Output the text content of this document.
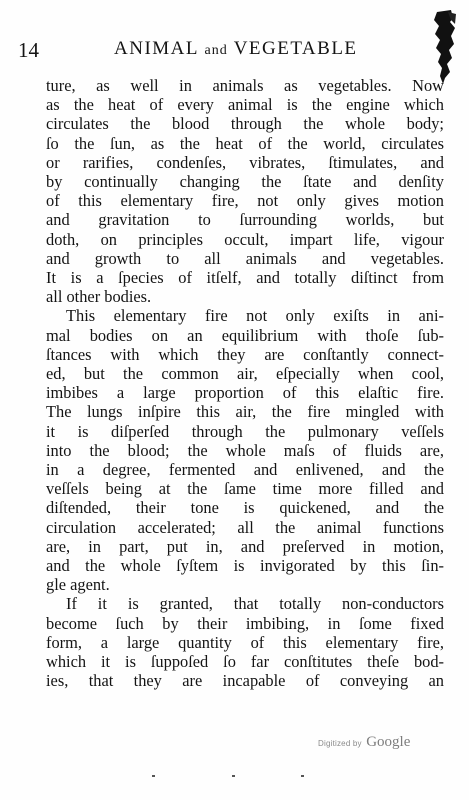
14	ANIMAL and VEGETABLE
ture, as well in animals as vegetables. Now
as the heat of every animal is the engine which
circulates the blood through the whole body;
ſo the ſun, as the heat of the world, circulates
or rarifies, condenſes, vibrates, ſtimulates, and
by continually changing the ſtate and denſity
of this elementary fire, not only gives motion
and gravitation to ſurrounding worlds, but
doth, on principles occult, impart life, vigour
and growth to all animals and vegetables.
It is a ſpecies of itſelf, and totally diſtinct from
all other bodies.
This elementary fire not only exiſts in ani-
mal bodies on an equilibrium with thoſe ſub-
ſtances with which they are conſtantly connect-
ed, but the common air, eſpecially when cool,
imbibes a large proportion of this elaſtic fire.
The lungs inſpire this air, the fire mingled with
it is diſperſed through the pulmonary veſſels
into the blood; the whole maſs of fluids are,
in a degree, fermented and enlivened, and the
veſſels being at the ſame time more filled and
diſtended, their tone is quickened, and the
circulation accelerated; all the animal functions
are, in part, put in, and preſerved in motion,
and the whole ſyſtem is invigorated by this ſin-
gle agent.
If it is granted, that totally non-conductors
become ſuch by their imbibing, in ſome fixed
form, a large quantity of this elementary fire,
which it is ſuppoſed ſo far conſtitutes theſe bod-
ies, that they are incapable of conveying an
Digitized by Google
